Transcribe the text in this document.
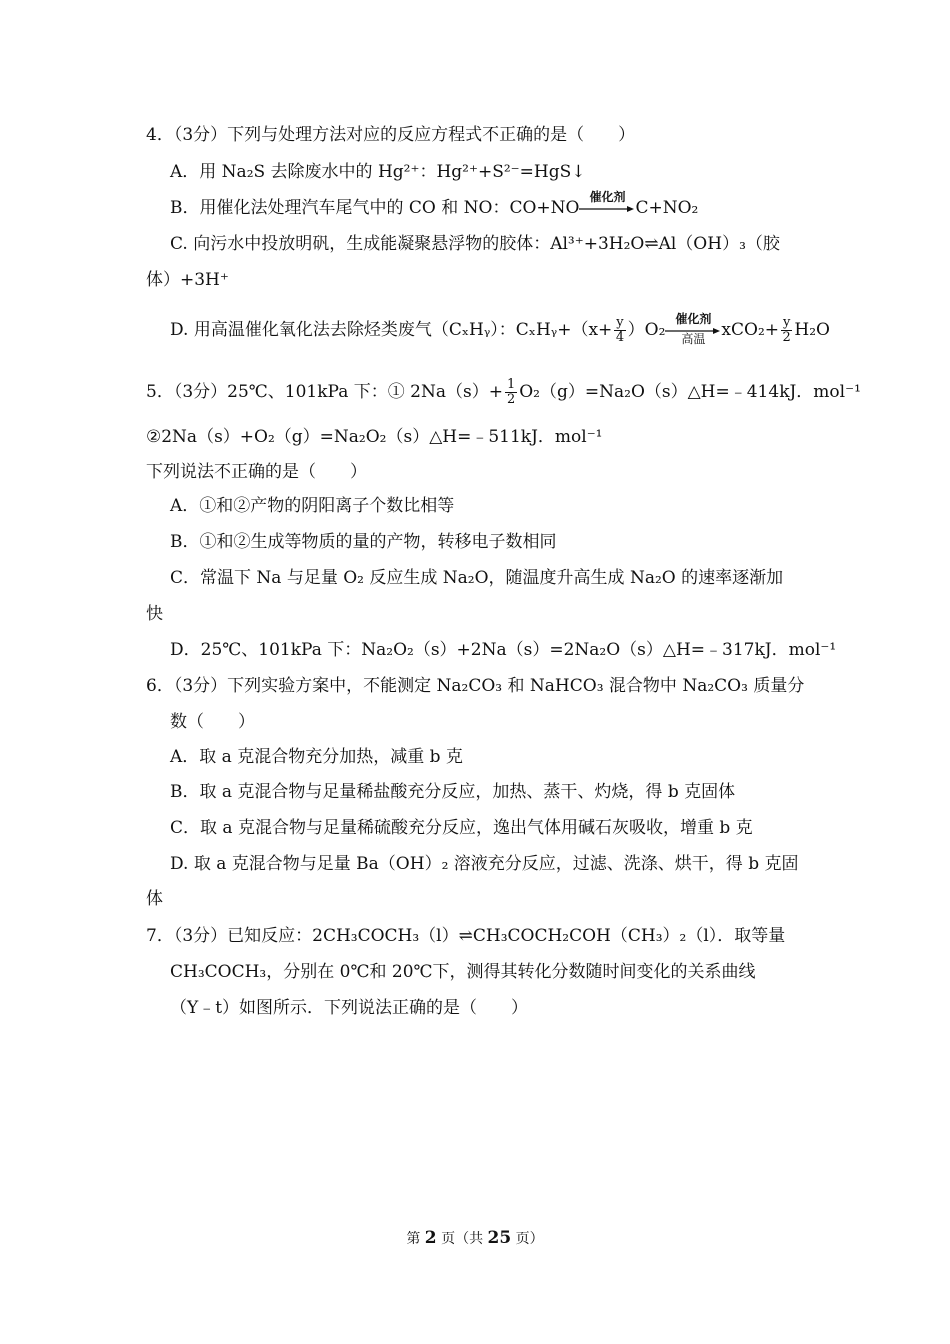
4．（3分）下列与处理方法对应的反应方程式不正确的是（　　）
A．用 Na₂S 去除废水中的 Hg²⁺：Hg²⁺+S²⁻=HgS↓
B．用催化法处理汽车尾气中的 CO 和 NO：CO+NO
催化剂
C+NO₂
C. 向污水中投放明矾，生成能凝聚悬浮物的胶体：Al³⁺+3H₂O⇌Al（OH）₃（胶
体）+3H⁺
D. 用高温催化氧化法去除烃类废气（CₓHᵧ）：CₓHᵧ+（x+ $\frac{y}{4} )O_2$
催化剂
高温 $xCO_2+ \frac{y}{2} H_2O$
5．（3分）25℃、101kPa 下：① $2Na(s)+ \frac{1}{2}$ O₂（g）=Na₂O（s）△H=﹣414kJ．mol⁻¹
②2Na（s）+O₂（g）=Na₂O₂（s）△H=﹣511kJ．mol⁻¹
下列说法不正确的是（　　）
A．①和②产物的阴阳离子个数比相等
B．①和②生成等物质的量的产物，转移电子数相同
C．常温下 Na 与足量 O₂ 反应生成 Na₂O，随温度升高生成 Na₂O 的速率逐渐加
快
D．25℃、101kPa 下：Na₂O₂（s）+2Na（s）=2Na₂O（s）△H=﹣317kJ．mol⁻¹
6．（3分）下列实验方案中，不能测定 Na₂CO₃ 和 NaHCO₃ 混合物中 Na₂CO₃ 质量分
数（　　）
A．取 a 克混合物充分加热，减重 b 克
B．取 a 克混合物与足量稀盐酸充分反应，加热、蒸干、灼烧，得 b 克固体
C．取 a 克混合物与足量稀硫酸充分反应，逸出气体用碱石灰吸收，增重 b 克
D. 取 a 克混合物与足量 Ba（OH）₂ 溶液充分反应，过滤、洗涤、烘干，得 b 克固
体
7．（3分）已知反应：2CH₃COCH₃（l）⇌CH₃COCH₂COH（CH₃）₂（l）．取等量
CH₃COCH₃，分别在 0℃和 20℃下，测得其转化分数随时间变化的关系曲线
（Y﹣t）如图所示．下列说法正确的是（　　）
第 2 页（共 25 页）
